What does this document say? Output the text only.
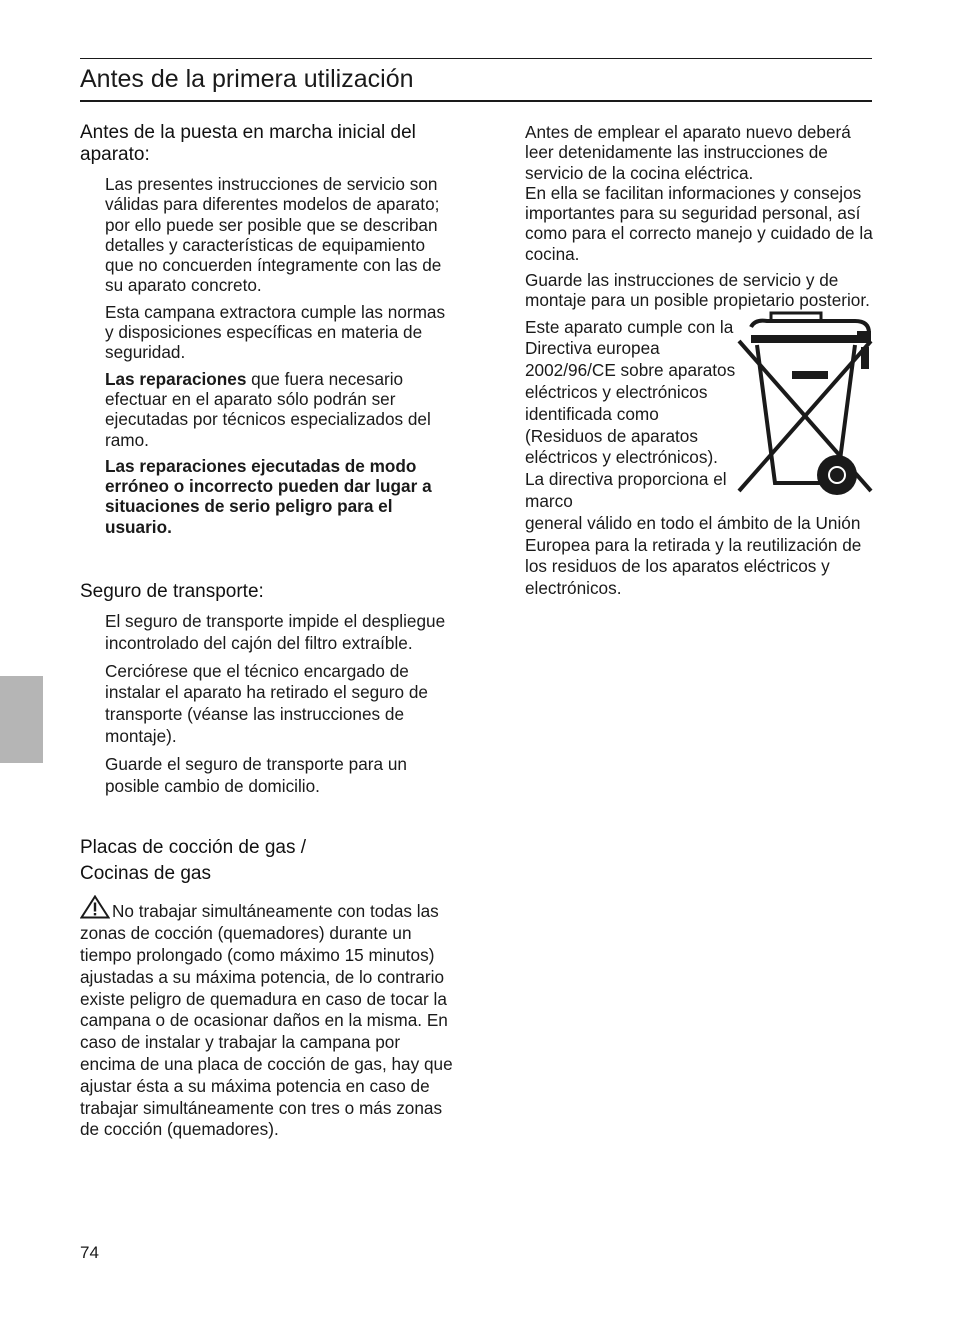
Antes de la primera utilización
Antes de la puesta en marcha inicial del aparato:

Las presentes instrucciones de servicio son válidas para diferentes modelos de aparato; por ello puede ser posible que se describan detalles y características de equipamiento que no concuerden íntegramente con las de su aparato concreto.

Esta campana extractora cumple las normas y disposiciones específicas en materia de seguridad.

Las reparaciones que fuera necesario efectuar en el aparato sólo podrán ser ejecutadas por técnicos especializados del ramo.

Las reparaciones ejecutadas de modo erróneo o incorrecto pueden dar lugar a situaciones de serio peligro para el usuario.

Seguro de transporte:

El seguro de transporte impide el despliegue incontrolado del cajón del filtro extraíble.

Cerciórese que el técnico encargado de instalar el aparato ha retirado el seguro de transporte (véanse las instrucciones de montaje).

Guarde el seguro de transporte para un posible cambio de domicilio.

Placas de cocción de gas /
Cocinas de gas

No trabajar simultáneamente con todas las zonas de cocción (quemadores) durante un tiempo prolongado (como máximo 15 minutos) ajustadas a su máxima potencia, de lo contrario existe peligro de quemadura en caso de tocar la campana o de ocasionar daños en la misma. En caso de instalar y trabajar la campana por encima de una placa de cocción de gas, hay que ajustar ésta a su máxima potencia en caso de trabajar simultáneamente con tres o más zonas de cocción (quemadores).

Antes de emplear el aparato nuevo deberá leer detenidamente las instrucciones de servicio de la cocina eléctrica.

En ella se facilitan informaciones y consejos importantes para su seguridad personal, así como para el correcto manejo y cuidado de la cocina.

Guarde las instrucciones de servicio y de montaje para un posible propietario posterior.

Este aparato cumple con la Directiva europea 2002/96/CE sobre aparatos eléctricos y electrónicos identificada como (Residuos de aparatos eléctricos y electrónicos). La directiva proporciona el marco

general válido en todo el ámbito de la Unión Europea para la retirada y la reutilización de los residuos de los aparatos eléctricos y electrónicos.

74
